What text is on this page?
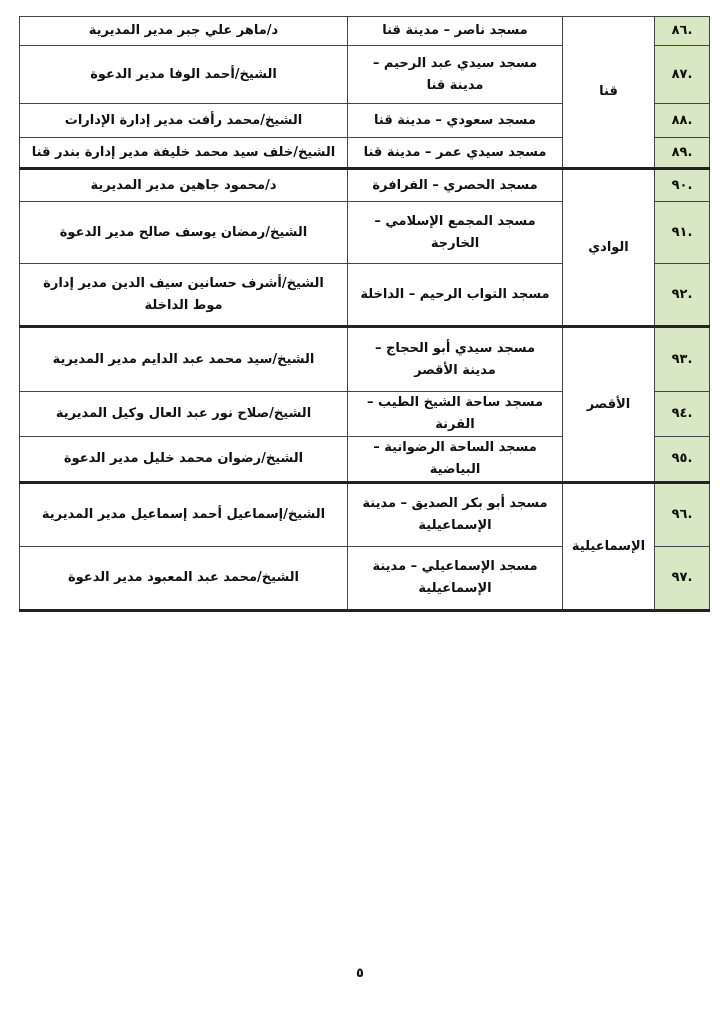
.٨٦	قنا	مسجد ناصر – مدينة قنا	د/ماهر علي جبر مدير المديرية
.٨٧		مسجد سيدي عبد الرحيم – مدينة قنا	الشيخ/أحمد الوفا مدير الدعوة
.٨٨		مسجد سعودي – مدينة قنا	الشيخ/محمد رأفت مدير إدارة الإدارات
.٨٩		مسجد سيدي عمر – مدينة قنا	الشيخ/خلف سيد محمد خليفة مدير إدارة بندر قنا
.٩٠	الوادي	مسجد الحصري – الفرافرة	د/محمود جاهين مدير المديرية
.٩١		مسجد المجمع الإسلامي – الخارجة	الشيخ/رمضان يوسف صالح مدير الدعوة
.٩٢		مسجد التواب الرحيم – الداخلة	الشيخ/أشرف حسانين سيف الدين مدير إدارة موط الداخلة
.٩٣	الأقصر	مسجد سيدي أبو الحجاج – مدينة الأقصر	الشيخ/سيد محمد عبد الدايم مدير المديرية
.٩٤		مسجد ساحة الشيخ الطيب – القرنة	الشيخ/صلاح نور عبد العال وكيل المديرية
.٩٥		مسجد الساحة الرضوانية – البياضية	الشيخ/رضوان محمد خليل مدير الدعوة
.٩٦	الإسماعيلية	مسجد أبو بكر الصديق – مدينة الإسماعيلية	الشيخ/إسماعيل أحمد إسماعيل مدير المديرية
.٩٧		مسجد الإسماعيلي – مدينة الإسماعيلية	الشيخ/محمد عبد المعبود مدير الدعوة
٥
